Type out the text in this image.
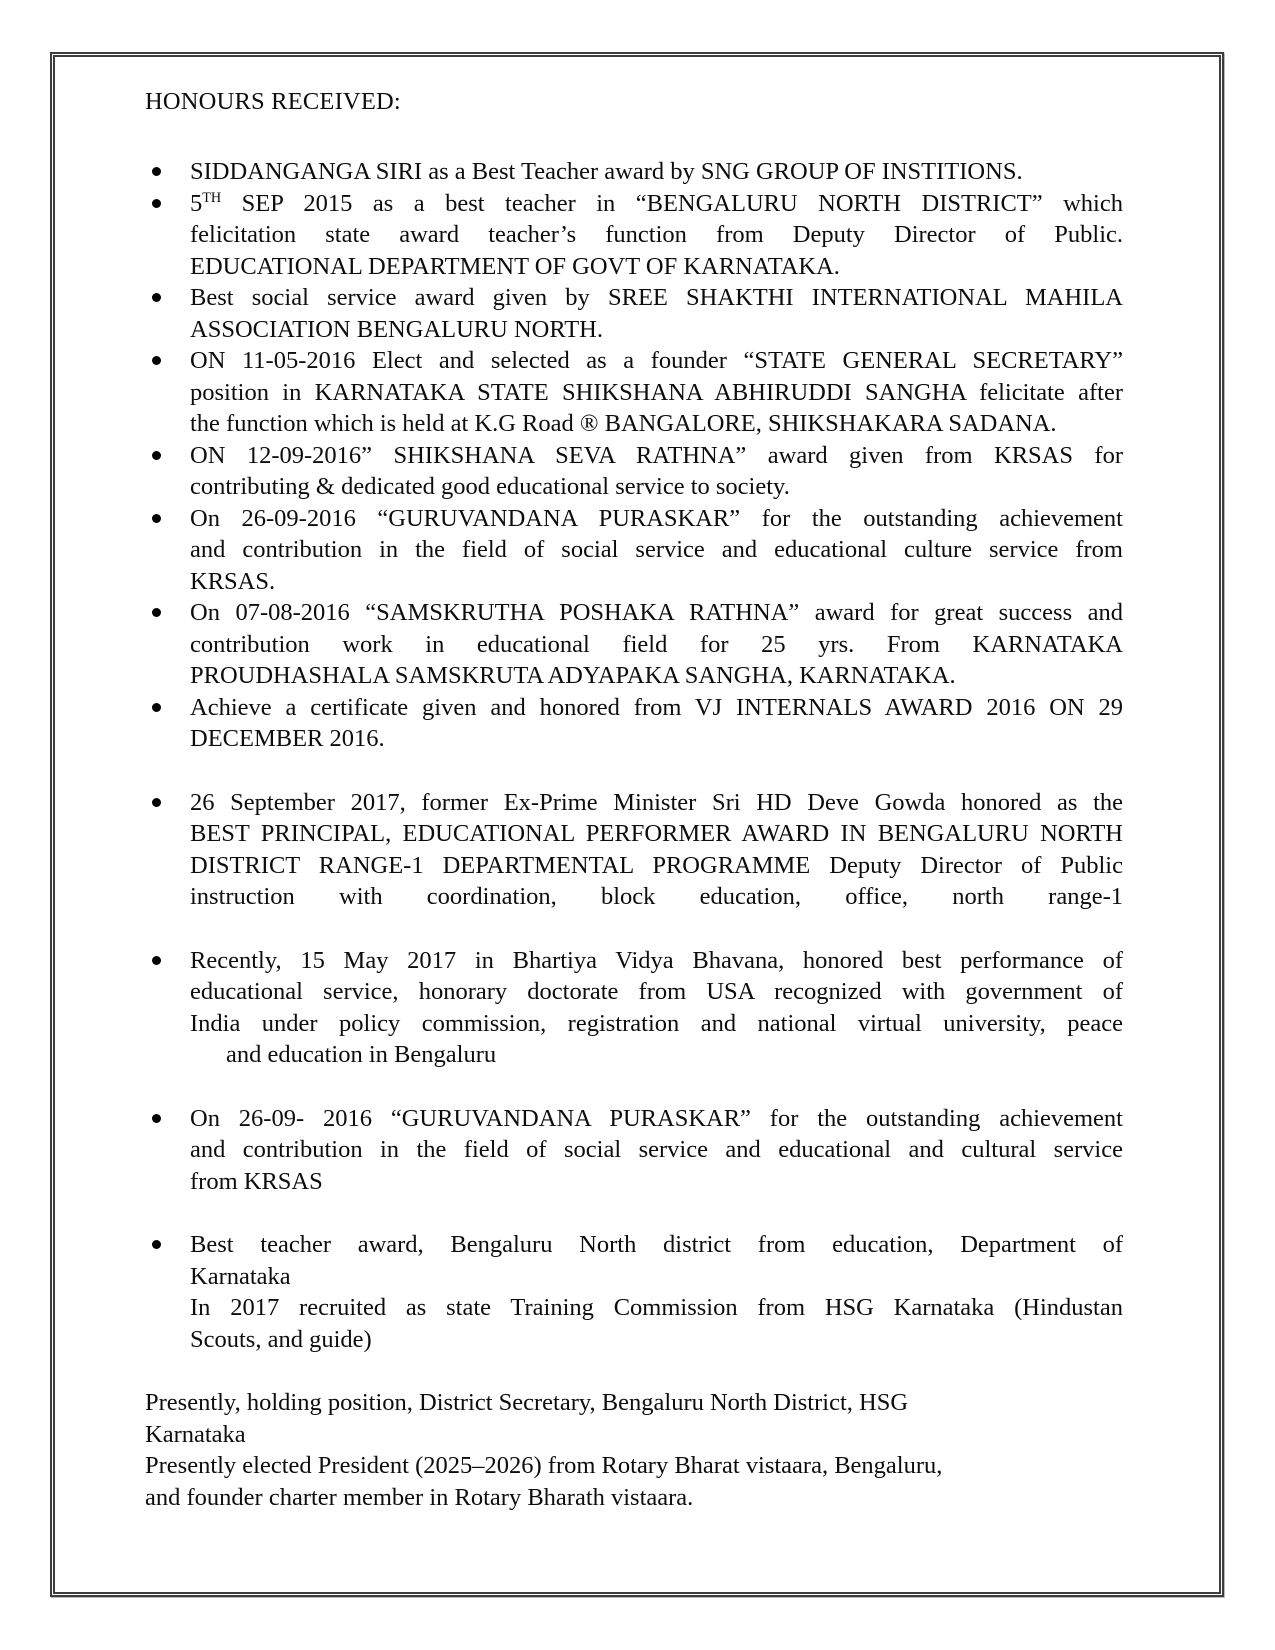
HONOURS RECEIVED:
SIDDANGANGA SIRI as a Best Teacher award by SNG GROUP OF INSTITIONS.
5TH SEP 2015 as a best teacher in “BENGALURU NORTH DISTRICT” which
felicitation state award teacher’s function from Deputy Director of Public.
EDUCATIONAL DEPARTMENT OF GOVT OF KARNATAKA.
Best social service award given by SREE SHAKTHI INTERNATIONAL MAHILA
ASSOCIATION BENGALURU NORTH.
ON 11-05-2016 Elect and selected as a founder “STATE GENERAL SECRETARY”
position in KARNATAKA STATE SHIKSHANA ABHIRUDDI SANGHA felicitate after
the function which is held at K.G Road ® BANGALORE, SHIKSHAKARA SADANA.
ON 12-09-2016” SHIKSHANA SEVA RATHNA” award given from KRSAS for
contributing & dedicated good educational service to society.
On 26-09-2016 “GURUVANDANA PURASKAR” for the outstanding achievement
and contribution in the field of social service and educational culture service from
KRSAS.
On 07-08-2016 “SAMSKRUTHA POSHAKA RATHNA” award for great success and
contribution work in educational field for 25 yrs. From KARNATAKA
PROUDHASHALA SAMSKRUTA ADYAPAKA SANGHA, KARNATAKA.
Achieve a certificate given and honored from VJ INTERNALS AWARD 2016 ON 29
DECEMBER 2016.
26 September 2017, former Ex-Prime Minister Sri HD Deve Gowda honored as the
BEST PRINCIPAL, EDUCATIONAL PERFORMER AWARD IN BENGALURU NORTH
DISTRICT RANGE-1 DEPARTMENTAL PROGRAMME Deputy Director of Public
instruction with coordination, block education, office, north range-1
Recently, 15 May 2017 in Bhartiya Vidya Bhavana, honored best performance of
educational service, honorary doctorate from USA recognized with government of
India under policy commission, registration and national virtual university, peace
and education in Bengaluru
On 26-09- 2016 “GURUVANDANA PURASKAR” for the outstanding achievement
and contribution in the field of social service and educational and cultural service
from KRSAS
Best teacher award, Bengaluru North district from education, Department of
Karnataka
In 2017 recruited as state Training Commission from HSG Karnataka (Hindustan
Scouts, and guide)
Presently, holding position, District Secretary, Bengaluru North District, HSG
Karnataka
Presently elected President (2025–2026) from Rotary Bharat vistaara, Bengaluru,
and founder charter member in Rotary Bharath vistaara.
